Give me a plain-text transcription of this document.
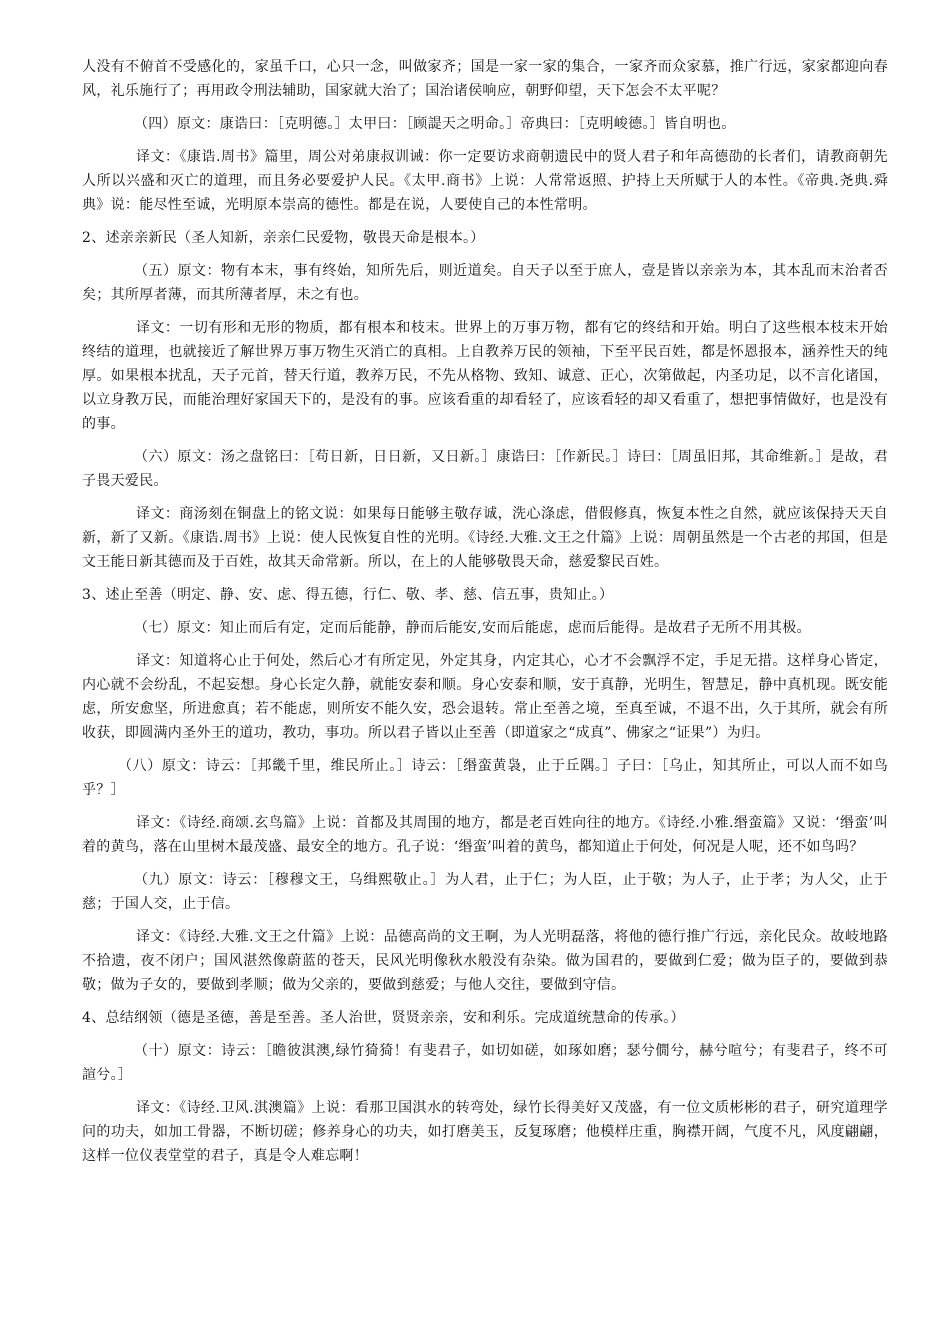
人没有不俯首不受感化的，家虽千口，心只一念，叫做家齐；国是一家一家的集合，一家齐而众家慕，推广行远，家家都迎向春风，礼乐施行了；再用政令刑法辅助，国家就大治了；国治诸侯响应，朝野仰望，天下怎会不太平呢？

（四）原文：康诰曰：［克明德。］太甲曰：［顾諟天之明命。］帝典曰：［克明峻德。］皆自明也。

译文：《康诰.周书》篇里，周公对弟康叔训诫：你一定要访求商朝遗民中的贤人君子和年高德劭的长者们，请教商朝先人所以兴盛和灭亡的道理，而且务必要爱护人民。《太甲.商书》上说：人常常返照、护持上天所赋于人的本性。《帝典.尧典.舜典》说：能尽性至诚，光明原本崇高的德性。都是在说，人要使自己的本性常明。

2、述亲亲新民（圣人知新，亲亲仁民爱物，敬畏天命是根本。）

（五）原文：物有本末，事有终始，知所先后，则近道矣。自天子以至于庶人，壹是皆以亲亲为本，其本乱而末治者否矣；其所厚者薄，而其所薄者厚，未之有也。

译文：一切有形和无形的物质，都有根本和枝末。世界上的万事万物，都有它的终结和开始。明白了这些根本枝末开始终结的道理，也就接近了解世界万事万物生灭消亡的真相。上自教养万民的领袖，下至平民百姓，都是怀恩报本，涵养性天的纯厚。如果根本扰乱，天子元首，替天行道，教养万民，不先从格物、致知、诚意、正心，次第做起，内圣功足，以不言化诸国，以立身教万民，而能治理好家国天下的，是没有的事。应该看重的却看轻了，应该看轻的却又看重了，想把事情做好，也是没有的事。

（六）原文：汤之盘铭曰：［苟日新，日日新，又日新。］康诰曰：［作新民。］诗曰：［周虽旧邦，其命维新。］是故，君子畏天爱民。

译文：商汤刻在铜盘上的铭文说：如果每日能够主敬存诚，洗心涤虑，借假修真，恢复本性之自然，就应该保持天天自新，新了又新。《康诰.周书》上说：使人民恢复自性的光明。《诗经.大雅.文王之什篇》上说：周朝虽然是一个古老的邦国，但是文王能日新其德而及于百姓，故其天命常新。所以，在上的人能够敬畏天命，慈爱黎民百姓。

3、述止至善（明定、静、安、虑、得五德，行仁、敬、孝、慈、信五事，贵知止。）

（七）原文：知止而后有定，定而后能静，静而后能安,安而后能虑，虑而后能得。是故君子无所不用其极。

译文：知道将心止于何处，然后心才有所定见，外定其身，内定其心，心才不会飘浮不定，手足无措。这样身心皆定，内心就不会纷乱，不起妄想。身心长定久静，就能安泰和顺。身心安泰和顺，安于真静，光明生，智慧足，静中真机现。既安能虑，所安愈坚，所进愈真；若不能虑，则所安不能久安，恐会退转。常止至善之境，至真至诚，不退不出，久于其所，就会有所收获，即圆满内圣外王的道功，教功，事功。所以君子皆以止至善（即道家之“成真”、佛家之“证果”）为归。

（八）原文：诗云：［邦畿千里，维民所止。］诗云：［缗蛮黄袅，止于丘隅。］子曰：［乌止，知其所止，可以人而不如鸟乎？］

译文：《诗经.商颂.玄鸟篇》上说：首都及其周围的地方，都是老百姓向往的地方。《诗经.小雅.缗蛮篇》又说：‘缗蛮’叫着的黄鸟，落在山里树木最茂盛、最安全的地方。孔子说：‘缗蛮’叫着的黄鸟，都知道止于何处，何况是人呢，还不如鸟吗？

（九）原文：诗云：［穆穆文王，乌缉熙敬止。］为人君，止于仁；为人臣，止于敬；为人子，止于孝；为人父，止于慈；于国人交，止于信。

译文：《诗经.大雅.文王之什篇》上说：品德高尚的文王啊，为人光明磊落，将他的德行推广行远，亲化民众。故岐地路不拾遗，夜不闭户；国风湛然像蔚蓝的苍天，民风光明像秋水般没有杂染。做为国君的，要做到仁爱；做为臣子的，要做到恭敬；做为子女的，要做到孝顺；做为父亲的，要做到慈爱；与他人交往，要做到守信。

4、总结纲领（德是圣德，善是至善。圣人治世，贤贤亲亲，安和利乐。完成道统慧命的传承。）

（十）原文：诗云：［瞻彼淇澳,绿竹猗猗！有斐君子，如切如磋，如琢如磨；瑟兮僩兮，赫兮喧兮；有斐君子，终不可諠兮。］

译文：《诗经.卫风.淇澳篇》上说：看那卫国淇水的转弯处，绿竹长得美好又茂盛，有一位文质彬彬的君子，研究道理学问的功夫，如加工骨器，不断切磋；修养身心的功夫，如打磨美玉，反复琢磨；他模样庄重，胸襟开阔，气度不凡，风度翩翩，这样一位仪表堂堂的君子，真是令人难忘啊！
